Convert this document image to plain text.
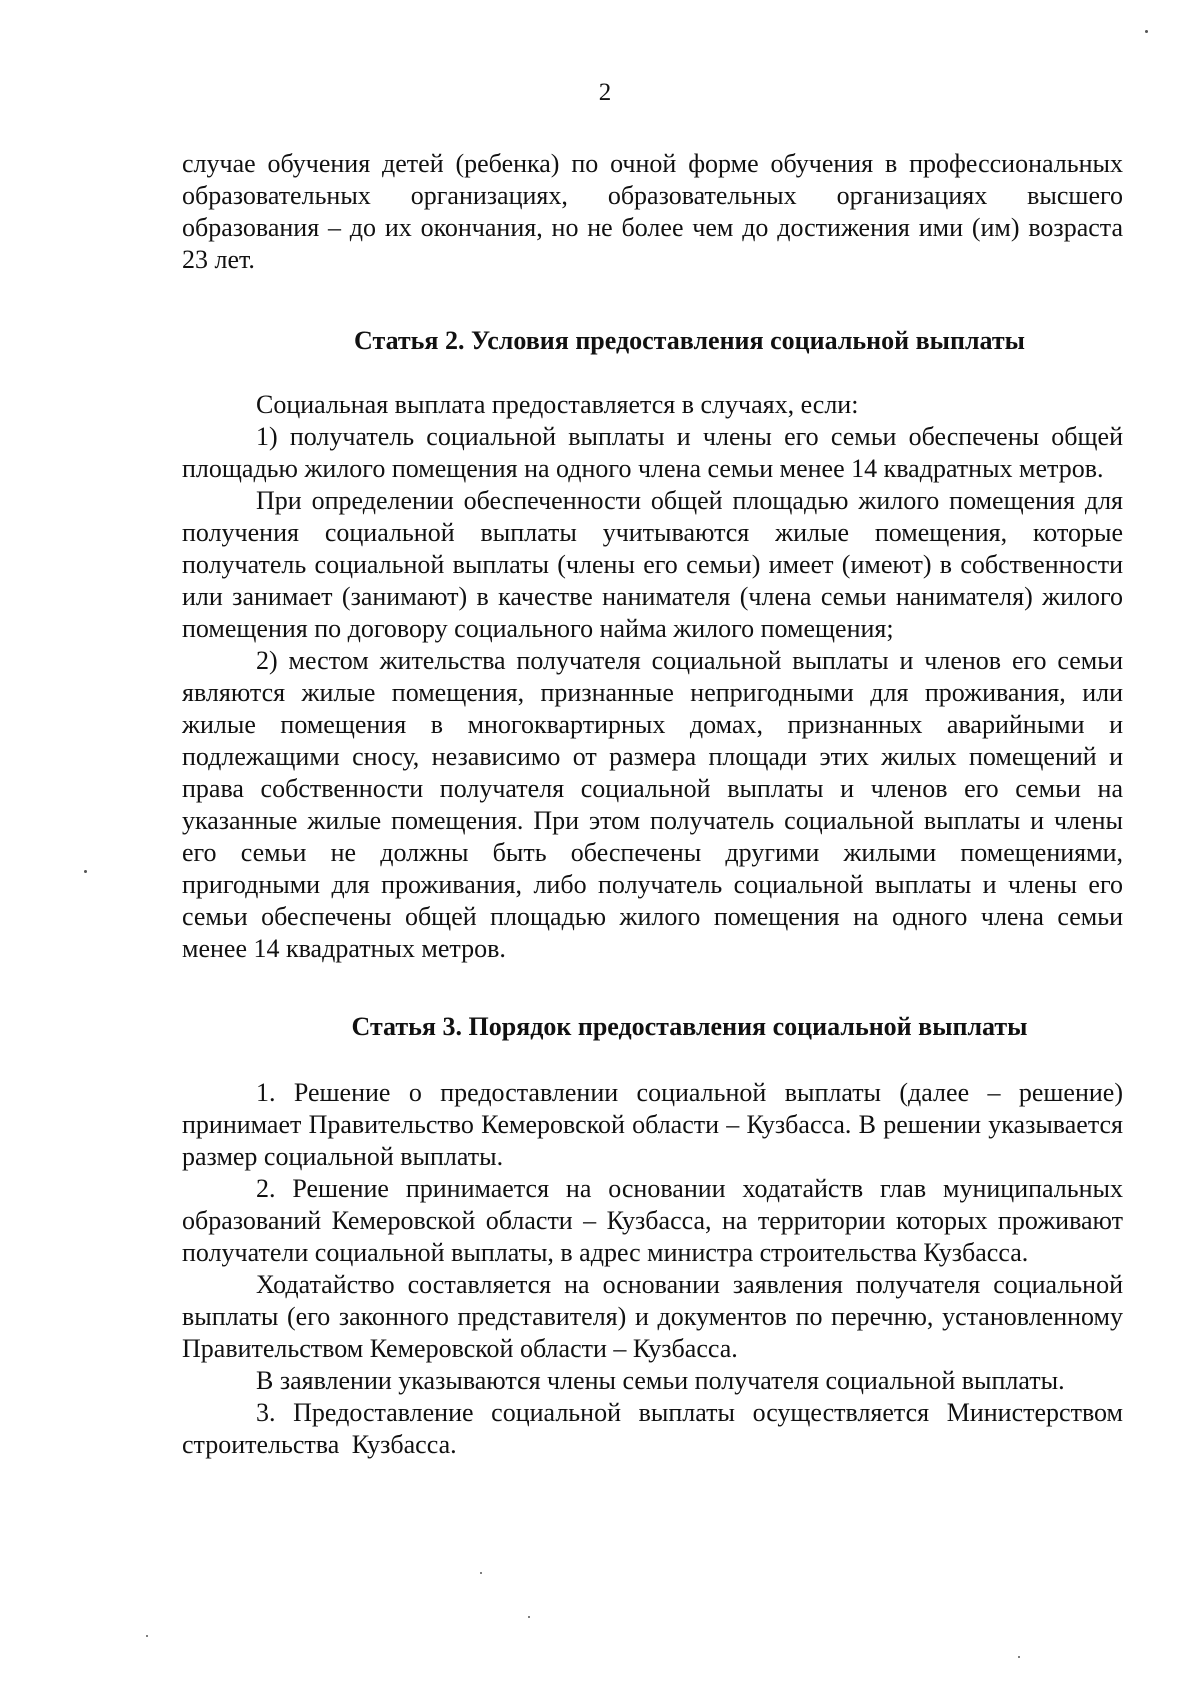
2

случае обучения детей (ребенка) по очной форме обучения в профессиональных образовательных организациях, образовательных организациях высшего образования – до их окончания, но не более чем до достижения ими (им) возраста 23 лет.

Статья 2. Условия предоставления социальной выплаты

Социальная выплата предоставляется в случаях, если:

1) получатель социальной выплаты и члены его семьи обеспечены общей площадью жилого помещения на одного члена семьи менее 14 квадратных метров.

При определении обеспеченности общей площадью жилого помещения для получения социальной выплаты учитываются жилые помещения, которые получатель социальной выплаты (члены его семьи) имеет (имеют) в собственности или занимает (занимают) в качестве нанимателя (члена семьи нанимателя) жилого помещения по договору социального найма жилого помещения;

2) местом жительства получателя социальной выплаты и членов его семьи являются жилые помещения, признанные непригодными для проживания, или жилые помещения в многоквартирных домах, признанных аварийными и подлежащими сносу, независимо от размера площади этих жилых помещений и права собственности получателя социальной выплаты и членов его семьи на указанные жилые помещения. При этом получатель социальной выплаты и члены его семьи не должны быть обеспечены другими жилыми помещениями, пригодными для проживания, либо получатель социальной выплаты и члены его семьи обеспечены общей площадью жилого помещения на одного члена семьи менее 14 квадратных метров.

Статья 3. Порядок предоставления социальной выплаты

1. Решение о предоставлении социальной выплаты (далее – решение) принимает Правительство Кемеровской области – Кузбасса. В решении указывается размер социальной выплаты.

2. Решение принимается на основании ходатайств глав муниципальных образований Кемеровской области – Кузбасса, на территории которых проживают получатели социальной выплаты, в адрес министра строительства Кузбасса.

Ходатайство составляется на основании заявления получателя социальной выплаты (его законного представителя) и документов по перечню, установленному Правительством Кемеровской области – Кузбасса.

В заявлении указываются члены семьи получателя социальной выплаты.

3. Предоставление социальной выплаты осуществляется Министерством строительства Кузбасса.
